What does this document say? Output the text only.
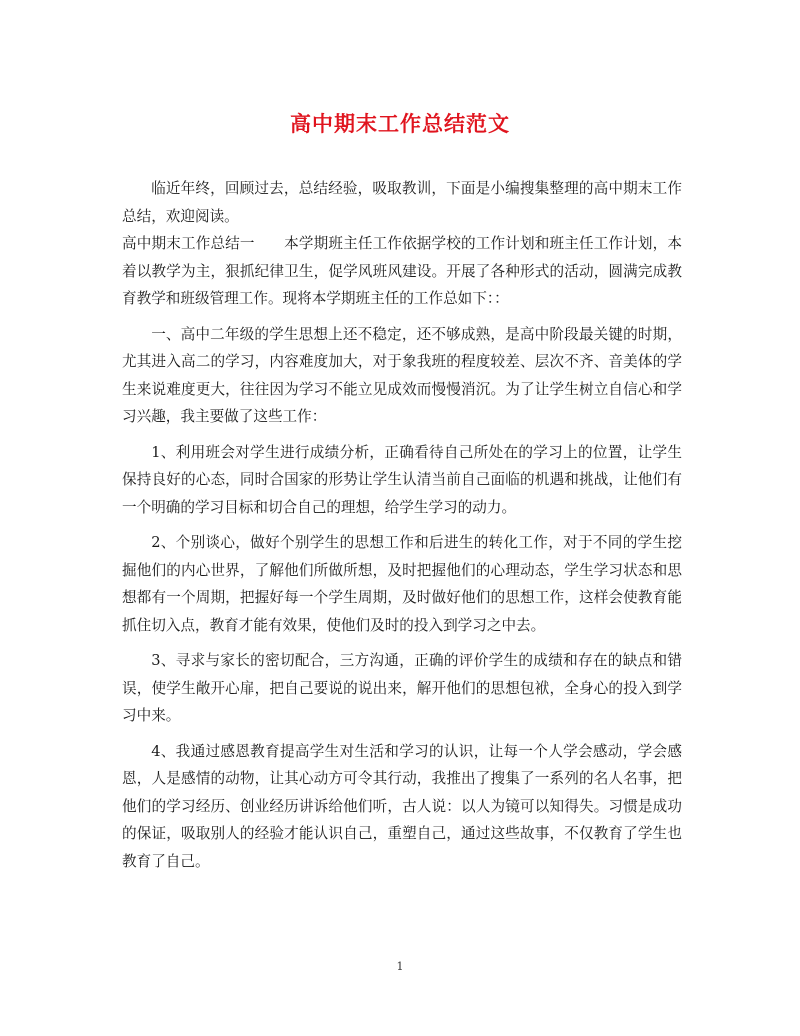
高中期末工作总结范文

临近年终，回顾过去，总结经验，吸取教训，下面是小编搜集整理的高中期末工作总结，欢迎阅读。

高中期末工作总结一　　本学期班主任工作依据学校的工作计划和班主任工作计划，本着以教学为主，狠抓纪律卫生，促学风班风建设。开展了各种形式的活动，圆满完成教育教学和班级管理工作。现将本学期班主任的工作总如下：：

一、高中二年级的学生思想上还不稳定，还不够成熟，是高中阶段最关键的时期，尤其进入高二的学习，内容难度加大，对于象我班的程度较差、层次不齐、音美体的学生来说难度更大，往往因为学习不能立见成效而慢慢消沉。为了让学生树立自信心和学习兴趣，我主要做了这些工作：

1、利用班会对学生进行成绩分析，正确看待自己所处在的学习上的位置，让学生保持良好的心态，同时合国家的形势让学生认清当前自己面临的机遇和挑战，让他们有一个明确的学习目标和切合自己的理想，给学生学习的动力。

2、个别谈心，做好个别学生的思想工作和后进生的转化工作，对于不同的学生挖掘他们的内心世界，了解他们所做所想，及时把握他们的心理动态，学生学习状态和思想都有一个周期，把握好每一个学生周期，及时做好他们的思想工作，这样会使教育能抓住切入点，教育才能有效果，使他们及时的投入到学习之中去。

3、寻求与家长的密切配合，三方沟通，正确的评价学生的成绩和存在的缺点和错误，使学生敞开心扉，把自己要说的说出来，解开他们的思想包袱，全身心的投入到学习中来。

4、我通过感恩教育提高学生对生活和学习的认识，让每一个人学会感动，学会感恩，人是感情的动物，让其心动方可令其行动，我推出了搜集了一系列的名人名事，把他们的学习经历、创业经历讲诉给他们听，古人说：以人为镜可以知得失。习惯是成功的保证，吸取别人的经验才能认识自己，重塑自己，通过这些故事，不仅教育了学生也教育了自己。

1
